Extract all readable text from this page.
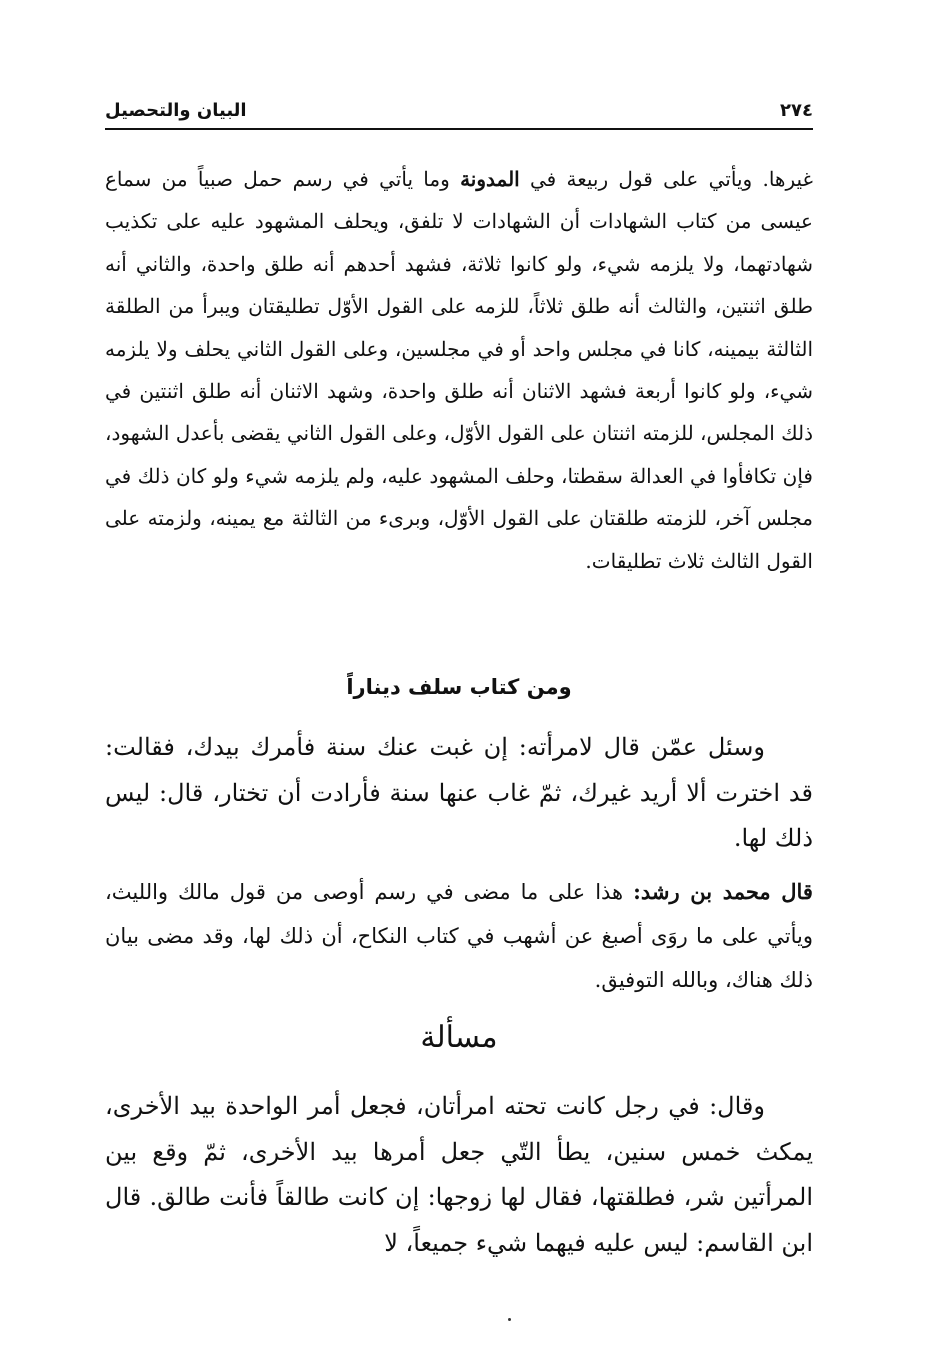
٢٧٤
البيان والتحصيل

غيرها. ويأتي على قول ربيعة في المدونة وما يأتي في رسم حمل صبياً من سماع عيسى من كتاب الشهادات أن الشهادات لا تلفق، ويحلف المشهود عليه على تكذيب شهادتهما، ولا يلزمه شيء، ولو كانوا ثلاثة، فشهد أحدهم أنه طلق واحدة، والثاني أنه طلق اثنتين، والثالث أنه طلق ثلاثاً، للزمه على القول الأوّل تطليقتان ويبرأ من الطلقة الثالثة بيمينه، كانا في مجلس واحد أو في مجلسين، وعلى القول الثاني يحلف ولا يلزمه شيء، ولو كانوا أربعة فشهد الاثنان أنه طلق واحدة، وشهد الاثنان أنه طلق اثنتين في ذلك المجلس، للزمته اثنتان على القول الأوّل، وعلى القول الثاني يقضى بأعدل الشهود، فإن تكافأوا في العدالة سقطتا، وحلف المشهود عليه، ولم يلزمه شيء ولو كان ذلك في مجلس آخر، للزمته طلقتان على القول الأوّل، وبرىء من الثالثة مع يمينه، ولزمته على القول الثالث ثلاث تطليقات.

ومن كتاب سلف ديناراً

وسئل عمّن قال لامرأته: إن غبت عنك سنة فأمرك بيدك، فقالت: قد اخترت ألا أريد غيرك، ثمّ غاب عنها سنة فأرادت أن تختار، قال: ليس ذلك لها.

قال محمد بن رشد: هذا على ما مضى في رسم أوصى من قول مالك والليث، ويأتي على ما روَى أصبغ عن أشهب في كتاب النكاح، أن ذلك لها، وقد مضى بيان ذلك هناك، وبالله التوفيق.

مسألة

وقال: في رجل كانت تحته امرأتان، فجعل أمر الواحدة بيد الأخرى، يمكث خمس سنين، يطأ التّي جعل أمرها بيد الأخرى، ثمّ وقع بين المرأتين شر، فطلقتها، فقال لها زوجها: إن كانت طالقاً فأنت طالق. قال ابن القاسم: ليس عليه فيهما شيء جميعاً، لا
